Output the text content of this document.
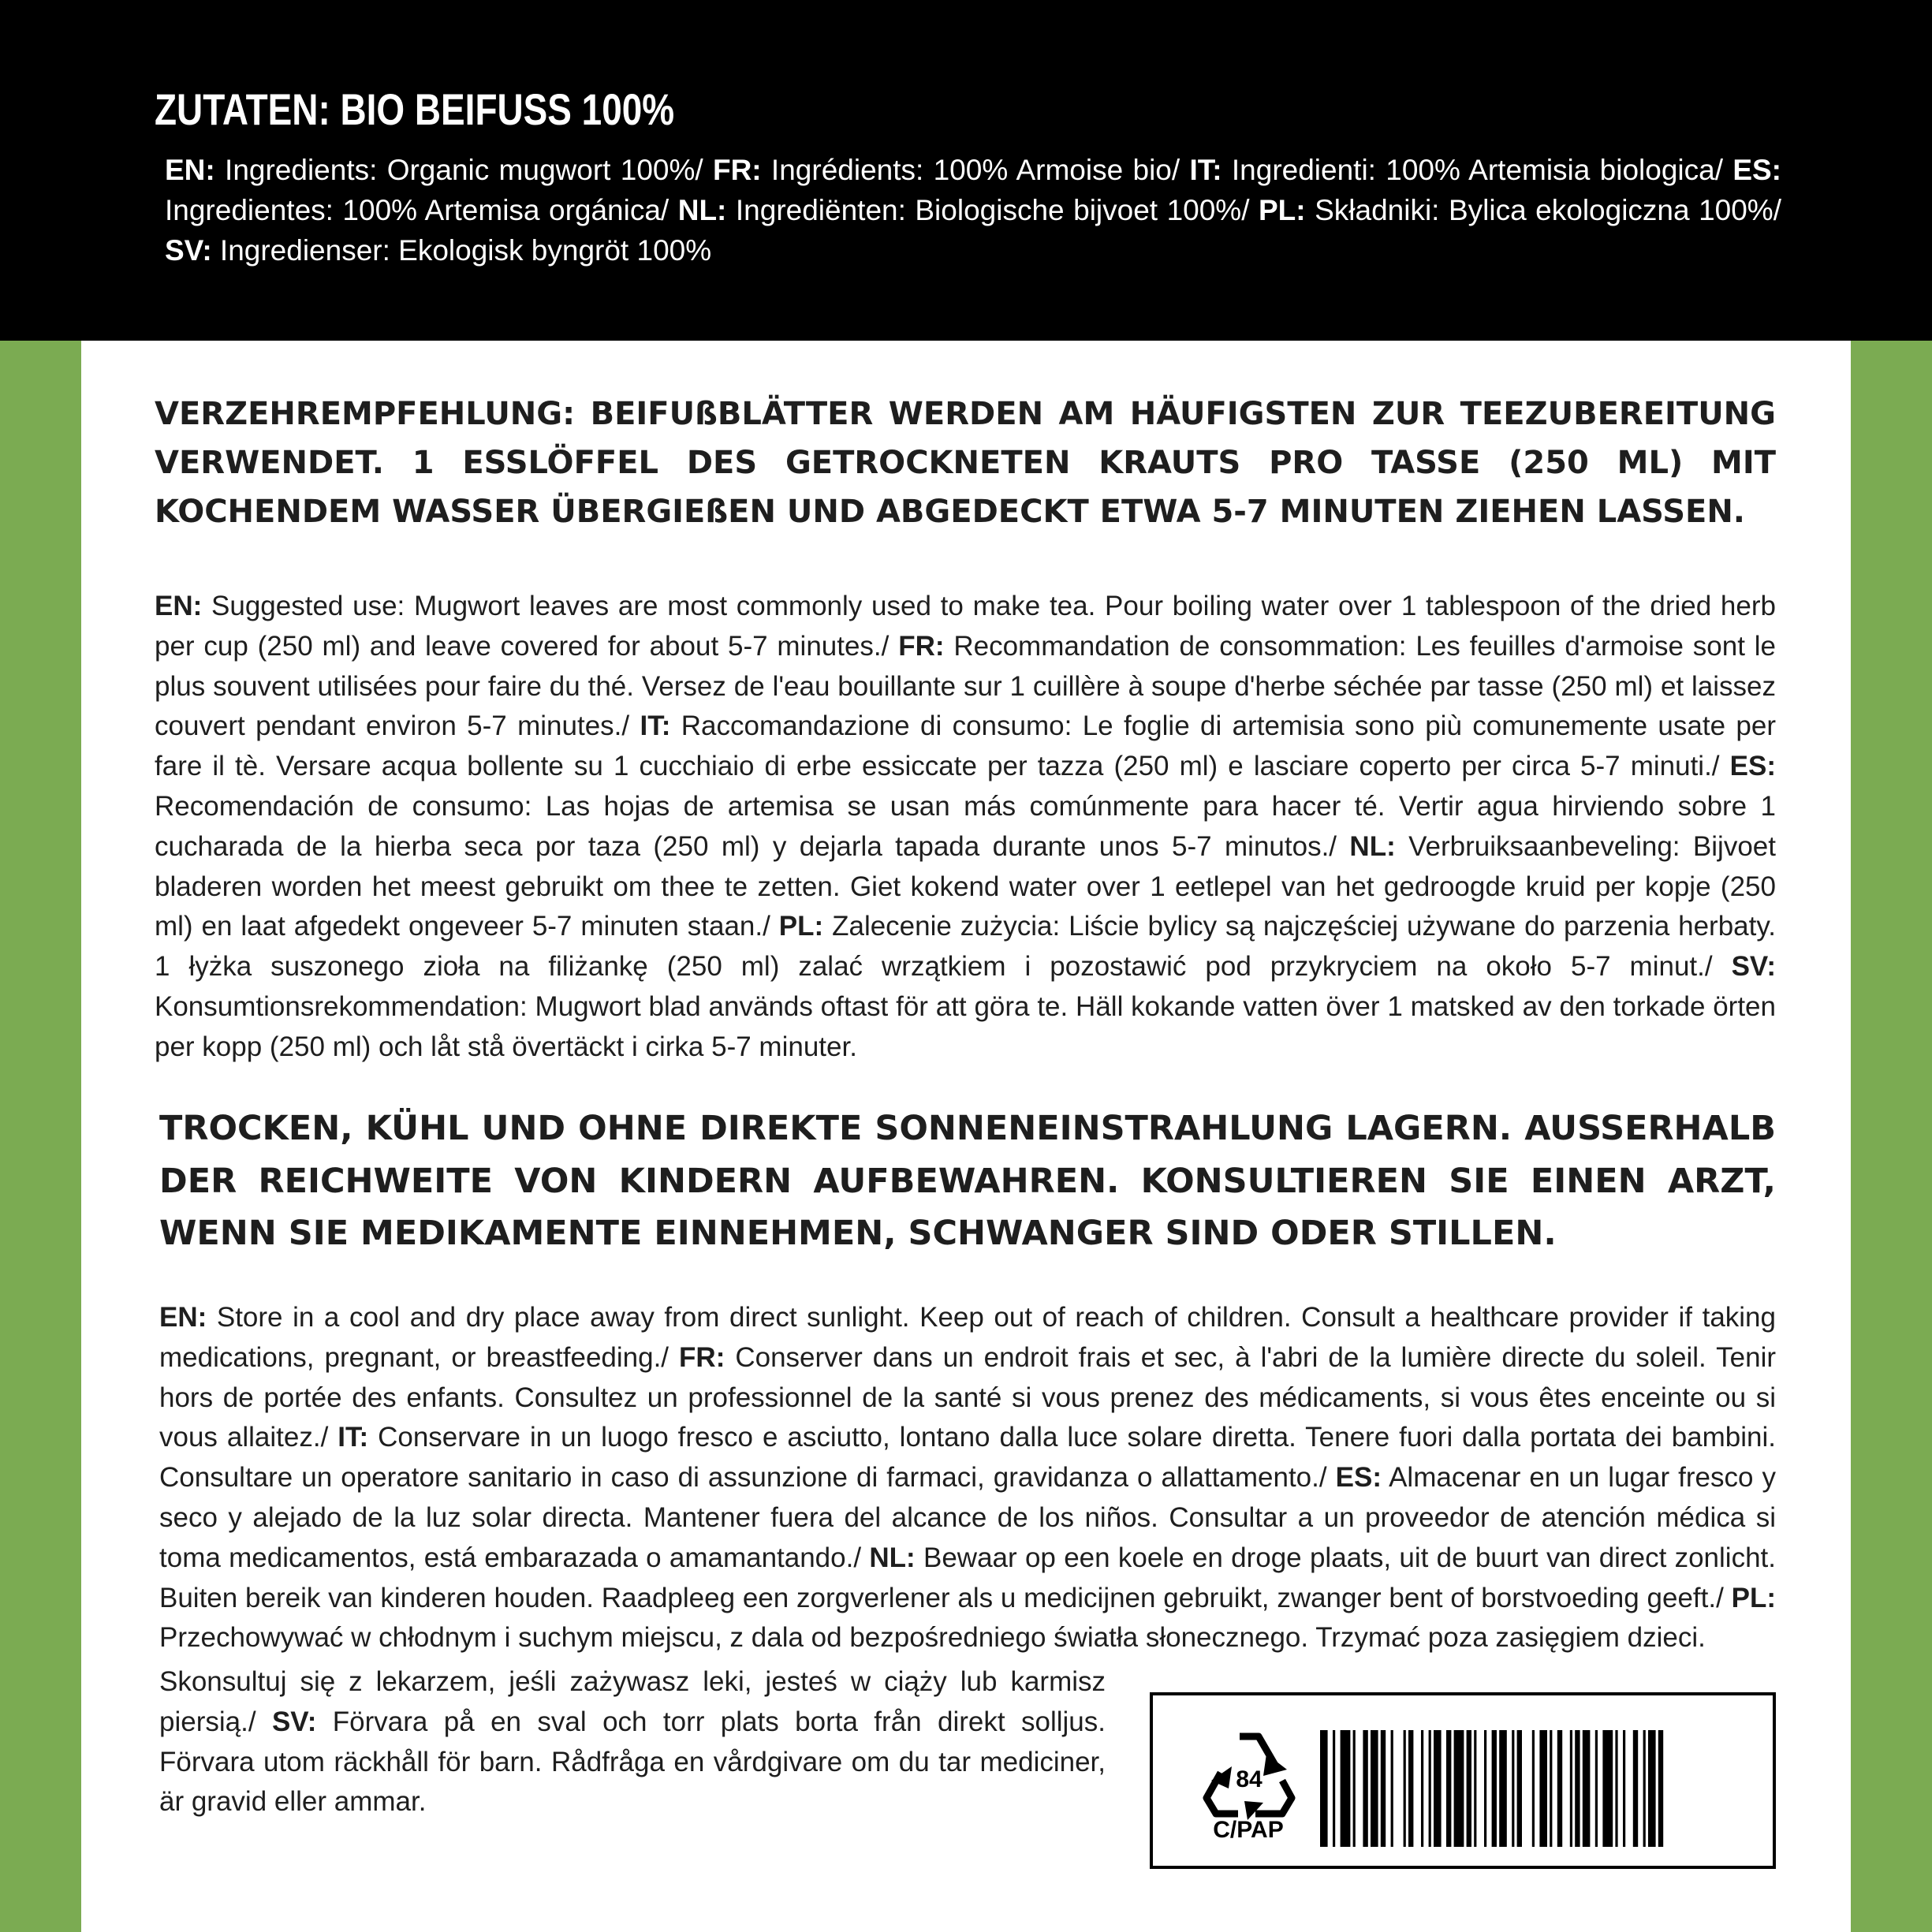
ZUTATEN: BIO BEIFUSS 100%

EN: Ingredients: Organic mugwort 100%/ FR: Ingrédients: 100% Armoise bio/ IT: Ingredienti: 100% Artemisia biologica/ ES: Ingredientes: 100% Artemisa orgánica/ NL: Ingrediënten: Biologische bijvoet 100%/ PL: Składniki: Bylica ekologiczna 100%/ SV: Ingredienser: Ekologisk byngröt 100%

VERZEHREMPFEHLUNG: BEIFUßBLÄTTER WERDEN AM HÄUFIGSTEN ZUR TEEZUBEREITUNG VERWENDET. 1 ESSLÖFFEL DES GETROCKNETEN KRAUTS PRO TASSE (250 ML) MIT KOCHENDEM WASSER ÜBERGIEßEN UND ABGEDECKT ETWA 5-7 MINUTEN ZIEHEN LASSEN.

EN: Suggested use: Mugwort leaves are most commonly used to make tea. Pour boiling water over 1 tablespoon of the dried herb per cup (250 ml) and leave covered for about 5-7 minutes./ FR: Recommandation de consommation: Les feuilles d'armoise sont le plus souvent utilisées pour faire du thé. Versez de l'eau bouillante sur 1 cuillère à soupe d'herbe séchée par tasse (250 ml) et laissez couvert pendant environ 5-7 minutes./ IT: Raccomandazione di consumo: Le foglie di artemisia sono più comunemente usate per fare il tè. Versare acqua bollente su 1 cucchiaio di erbe essiccate per tazza (250 ml) e lasciare coperto per circa 5-7 minuti./ ES: Recomendación de consumo: Las hojas de artemisa se usan más comúnmente para hacer té. Vertir agua hirviendo sobre 1 cucharada de la hierba seca por taza (250 ml) y dejarla tapada durante unos 5-7 minutos./ NL: Verbruiksaanbeveling: Bijvoet bladeren worden het meest gebruikt om thee te zetten. Giet kokend water over 1 eetlepel van het gedroogde kruid per kopje (250 ml) en laat afgedekt ongeveer 5-7 minuten staan./ PL: Zalecenie zużycia: Liście bylicy są najczęściej używane do parzenia herbaty. 1 łyżka suszonego zioła na filiżankę (250 ml) zalać wrzątkiem i pozostawić pod przykryciem na około 5-7 minut./ SV: Konsumtionsrekommendation: Mugwort blad används oftast för att göra te. Häll kokande vatten över 1 matsked av den torkade örten per kopp (250 ml) och låt stå övertäckt i cirka 5-7 minuter.

TROCKEN, KÜHL UND OHNE DIREKTE SONNENEINSTRAHLUNG LAGERN. AUSSERHALB DER REICHWEITE VON KINDERN AUFBEWAHREN. KONSULTIEREN SIE EINEN ARZT, WENN SIE MEDIKAMENTE EINNEHMEN, SCHWANGER SIND ODER STILLEN.

EN: Store in a cool and dry place away from direct sunlight. Keep out of reach of children. Consult a healthcare provider if taking medications, pregnant, or breastfeeding./ FR: Conserver dans un endroit frais et sec, à l'abri de la lumière directe du soleil. Tenir hors de portée des enfants. Consultez un professionnel de la santé si vous prenez des médicaments, si vous êtes enceinte ou si vous allaitez./ IT: Conservare in un luogo fresco e asciutto, lontano dalla luce solare diretta. Tenere fuori dalla portata dei bambini. Consultare un operatore sanitario in caso di assunzione di farmaci, gravidanza o allattamento./ ES: Almacenar en un lugar fresco y seco y alejado de la luz solar directa. Mantener fuera del alcance de los niños. Consultar a un proveedor de atención médica si toma medicamentos, está embarazada o amamantando./ NL: Bewaar op een koele en droge plaats, uit de buurt van direct zonlicht. Buiten bereik van kinderen houden. Raadpleeg een zorgverlener als u medicijnen gebruikt, zwanger bent of borstvoeding geeft./ PL: Przechowywać w chłodnym i suchym miejscu, z dala od bezpośredniego światła słonecznego. Trzymać poza zasięgiem dzieci.

Skonsultuj się z lekarzem, jeśli zażywasz leki, jesteś w ciąży lub karmisz piersią./ SV: Förvara på en sval och torr plats borta från direkt solljus. Förvara utom räckhåll för barn. Rådfråga en vårdgivare om du tar mediciner, är gravid eller ammar.

84
C/PAP
